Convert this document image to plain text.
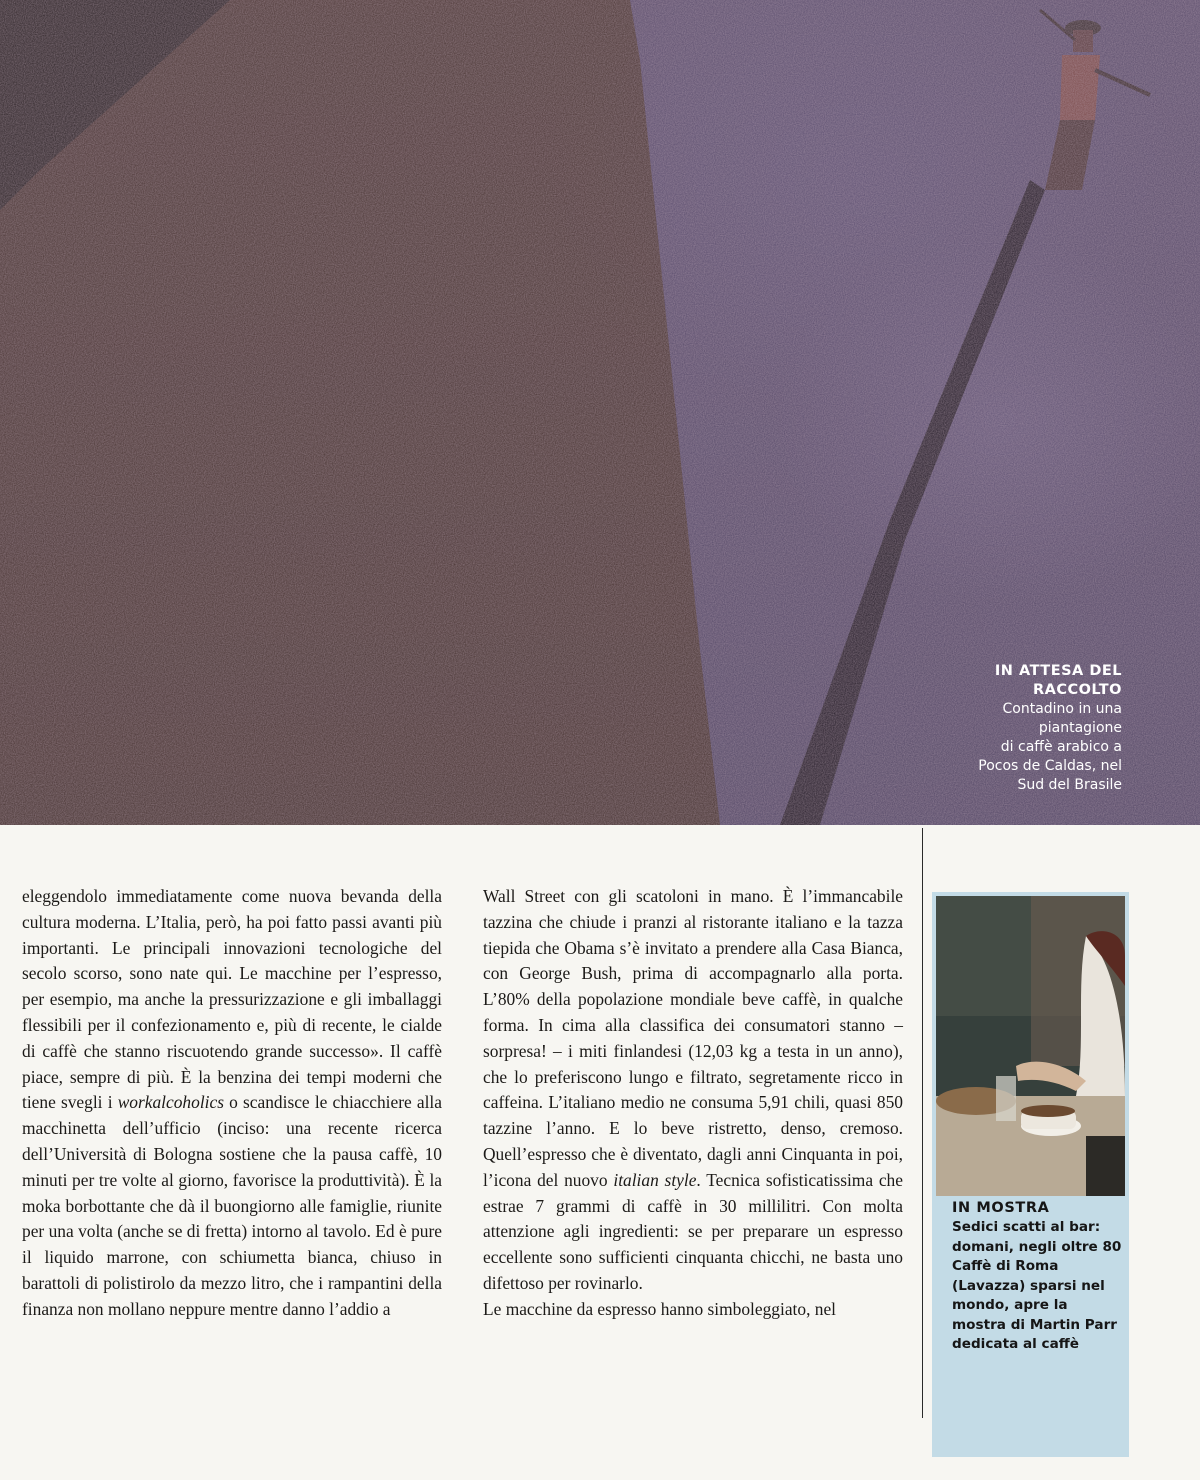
IN ATTESA DEL
RACCOLTO
Contadino in una
piantagione
di caffè arabico a
Pocos de Caldas, nel
Sud del Brasile

eleggendolo immediatamente come nuova bevanda della cultura moderna. L’Italia, però, ha poi fatto passi avanti più importanti. Le principali innovazioni tecnologiche del secolo scorso, sono nate qui. Le macchine per l’espresso, per esempio, ma anche la pressurizzazione e gli imballaggi flessibili per il confezionamento e, più di recente, le cialde di caffè che stanno riscuotendo grande successo». Il caffè piace, sempre di più. È la benzina dei tempi moderni che tiene svegli i workalcoholics o scandisce le chiacchiere alla macchinetta dell’ufficio (inciso: una recente ricerca dell’Università di Bologna sostiene che la pausa caffè, 10 minuti per tre volte al giorno, favorisce la produttività). È la moka borbottante che dà il buongiorno alle famiglie, riunite per una volta (anche se di fretta) intorno al tavolo. Ed è pure il liquido marrone, con schiumetta bianca, chiuso in barattoli di polistirolo da mezzo litro, che i rampantini della finanza non mollano neppure mentre danno l’addio a

Wall Street con gli scatoloni in mano. È l’immancabile tazzina che chiude i pranzi al ristorante italiano e la tazza tiepida che Obama s’è invitato a prendere alla Casa Bianca, con George Bush, prima di accompagnarlo alla porta. L’80% della popolazione mondiale beve caffè, in qualche forma. In cima alla classifica dei consumatori stanno – sorpresa! – i miti finlandesi (12,03 kg a testa in un anno), che lo preferiscono lungo e filtrato, segretamente ricco in caffeina. L’italiano medio ne consuma 5,91 chili, quasi 850 tazzine l’anno. E lo beve ristretto, denso, cremoso. Quell’espresso che è diventato, dagli anni Cinquanta in poi, l’icona del nuovo italian style. Tecnica sofisticatissima che estrae 7 grammi di caffè in 30 millilitri. Con molta attenzione agli ingredienti: se per preparare un espresso eccellente sono sufficienti cinquanta chicchi, ne basta uno difettoso per rovinarlo.

Le macchine da espresso hanno simboleggiato, nel

IN MOSTRA
Sedici scatti al bar: domani, negli oltre 80 Caffè di Roma (Lavazza) sparsi nel mondo, apre la mostra di Martin Parr dedicata al caffè
